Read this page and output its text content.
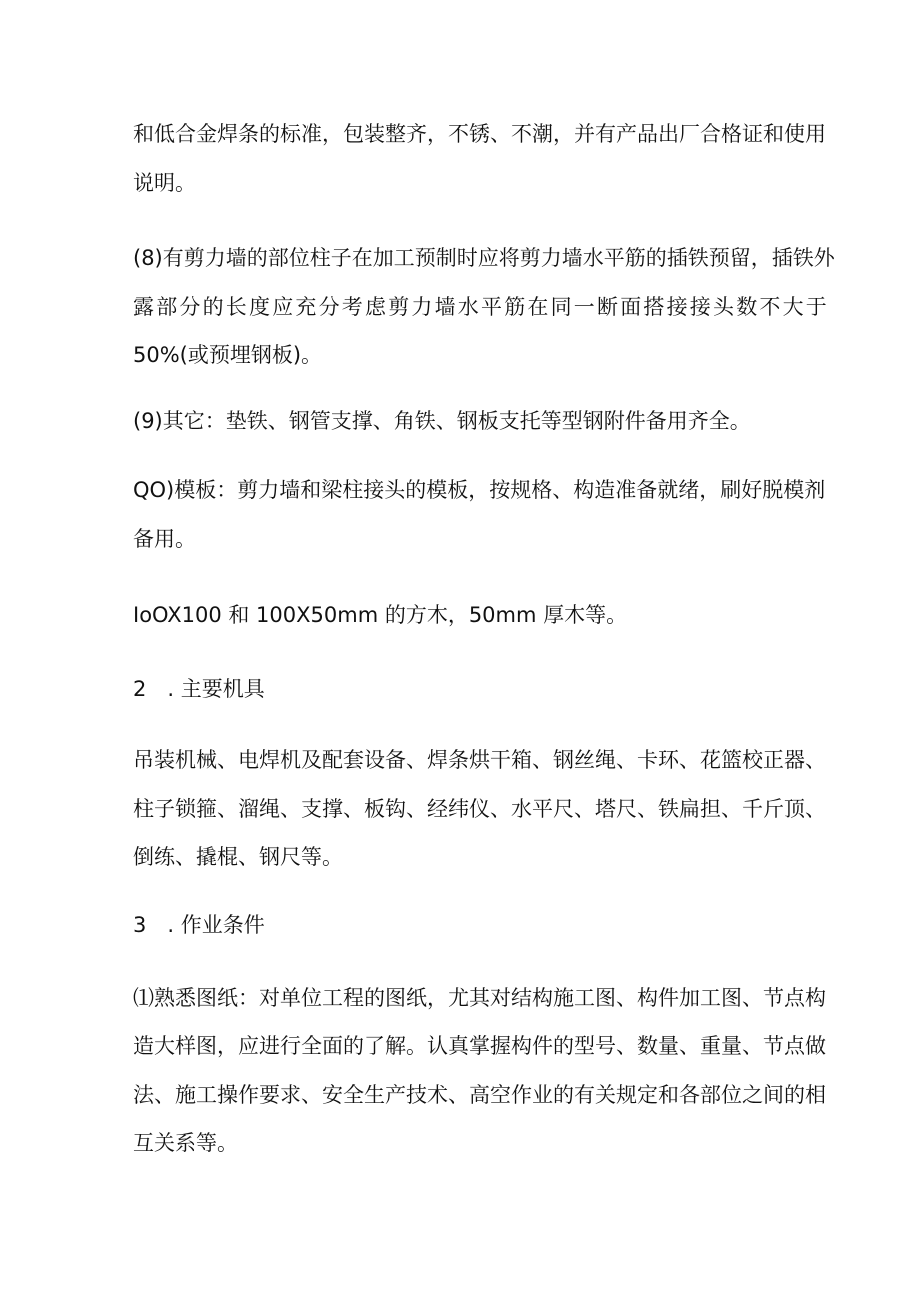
和低合金焊条的标准，包装整齐，不锈、不潮，并有产品出厂合格证和使用
说明。
(8)有剪力墙的部位柱子在加工预制时应将剪力墙水平筋的插铁预留，插铁外
露部分的长度应充分考虑剪力墙水平筋在同一断面搭接接头数不大于
50%(或预埋钢板)。
(9)其它：垫铁、钢管支撑、角铁、钢板支托等型钢附件备用齐全。
QO)模板：剪力墙和梁柱接头的模板，按规格、构造准备就绪，刷好脱模剂
备用。
IoOX100 和 100X50mm 的方木，50mm 厚木等。
2　. 主要机具
吊装机械、电焊机及配套设备、焊条烘干箱、钢丝绳、卡环、花篮校正器、
柱子锁箍、溜绳、支撑、板钩、经纬仪、水平尺、塔尺、铁扁担、千斤顶、
倒练、撬棍、钢尺等。
3　. 作业条件
⑴熟悉图纸：对单位工程的图纸，尤其对结构施工图、构件加工图、节点构
造大样图，应进行全面的了解。认真掌握构件的型号、数量、重量、节点做
法、施工操作要求、安全生产技术、高空作业的有关规定和各部位之间的相
互关系等。
